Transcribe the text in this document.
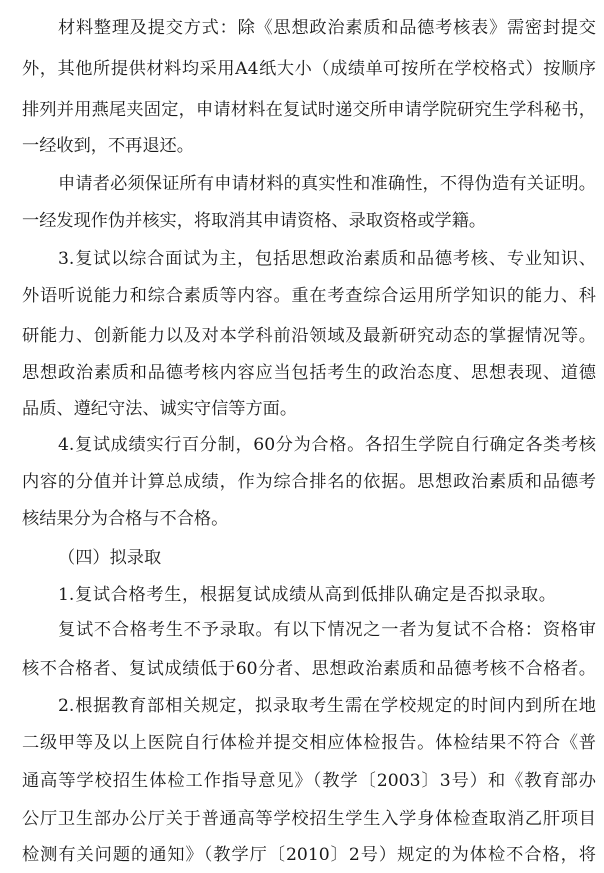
材料整理及提交方式：除《思想政治素质和品德考核表》需密封提交
外，其他所提供材料均采用A4纸大小（成绩单可按所在学校格式）按顺序
排列并用燕尾夹固定，申请材料在复试时递交所申请学院研究生学科秘书，
一经收到，不再退还。
申请者必须保证所有申请材料的真实性和准确性，不得伪造有关证明。
一经发现作伪并核实，将取消其申请资格、录取资格或学籍。
3.复试以综合面试为主，包括思想政治素质和品德考核、专业知识、
外语听说能力和综合素质等内容。重在考查综合运用所学知识的能力、科
研能力、创新能力以及对本学科前沿领域及最新研究动态的掌握情况等。
思想政治素质和品德考核内容应当包括考生的政治态度、思想表现、道德
品质、遵纪守法、诚实守信等方面。
4.复试成绩实行百分制，60分为合格。各招生学院自行确定各类考核
内容的分值并计算总成绩，作为综合排名的依据。思想政治素质和品德考
核结果分为合格与不合格。
（四）拟录取
1.复试合格考生，根据复试成绩从高到低排队确定是否拟录取。
复试不合格考生不予录取。有以下情况之一者为复试不合格：资格审
核不合格者、复试成绩低于60分者、思想政治素质和品德考核不合格者。
2.根据教育部相关规定，拟录取考生需在学校规定的时间内到所在地
二级甲等及以上医院自行体检并提交相应体检报告。体检结果不符合《普
通高等学校招生体检工作指导意见》（教学〔2003〕3号）和《教育部办
公厅卫生部办公厅关于普通高等学校招生学生入学身体检查取消乙肝项目
检测有关问题的通知》（教学厅〔2010〕2号）规定的为体检不合格，将
